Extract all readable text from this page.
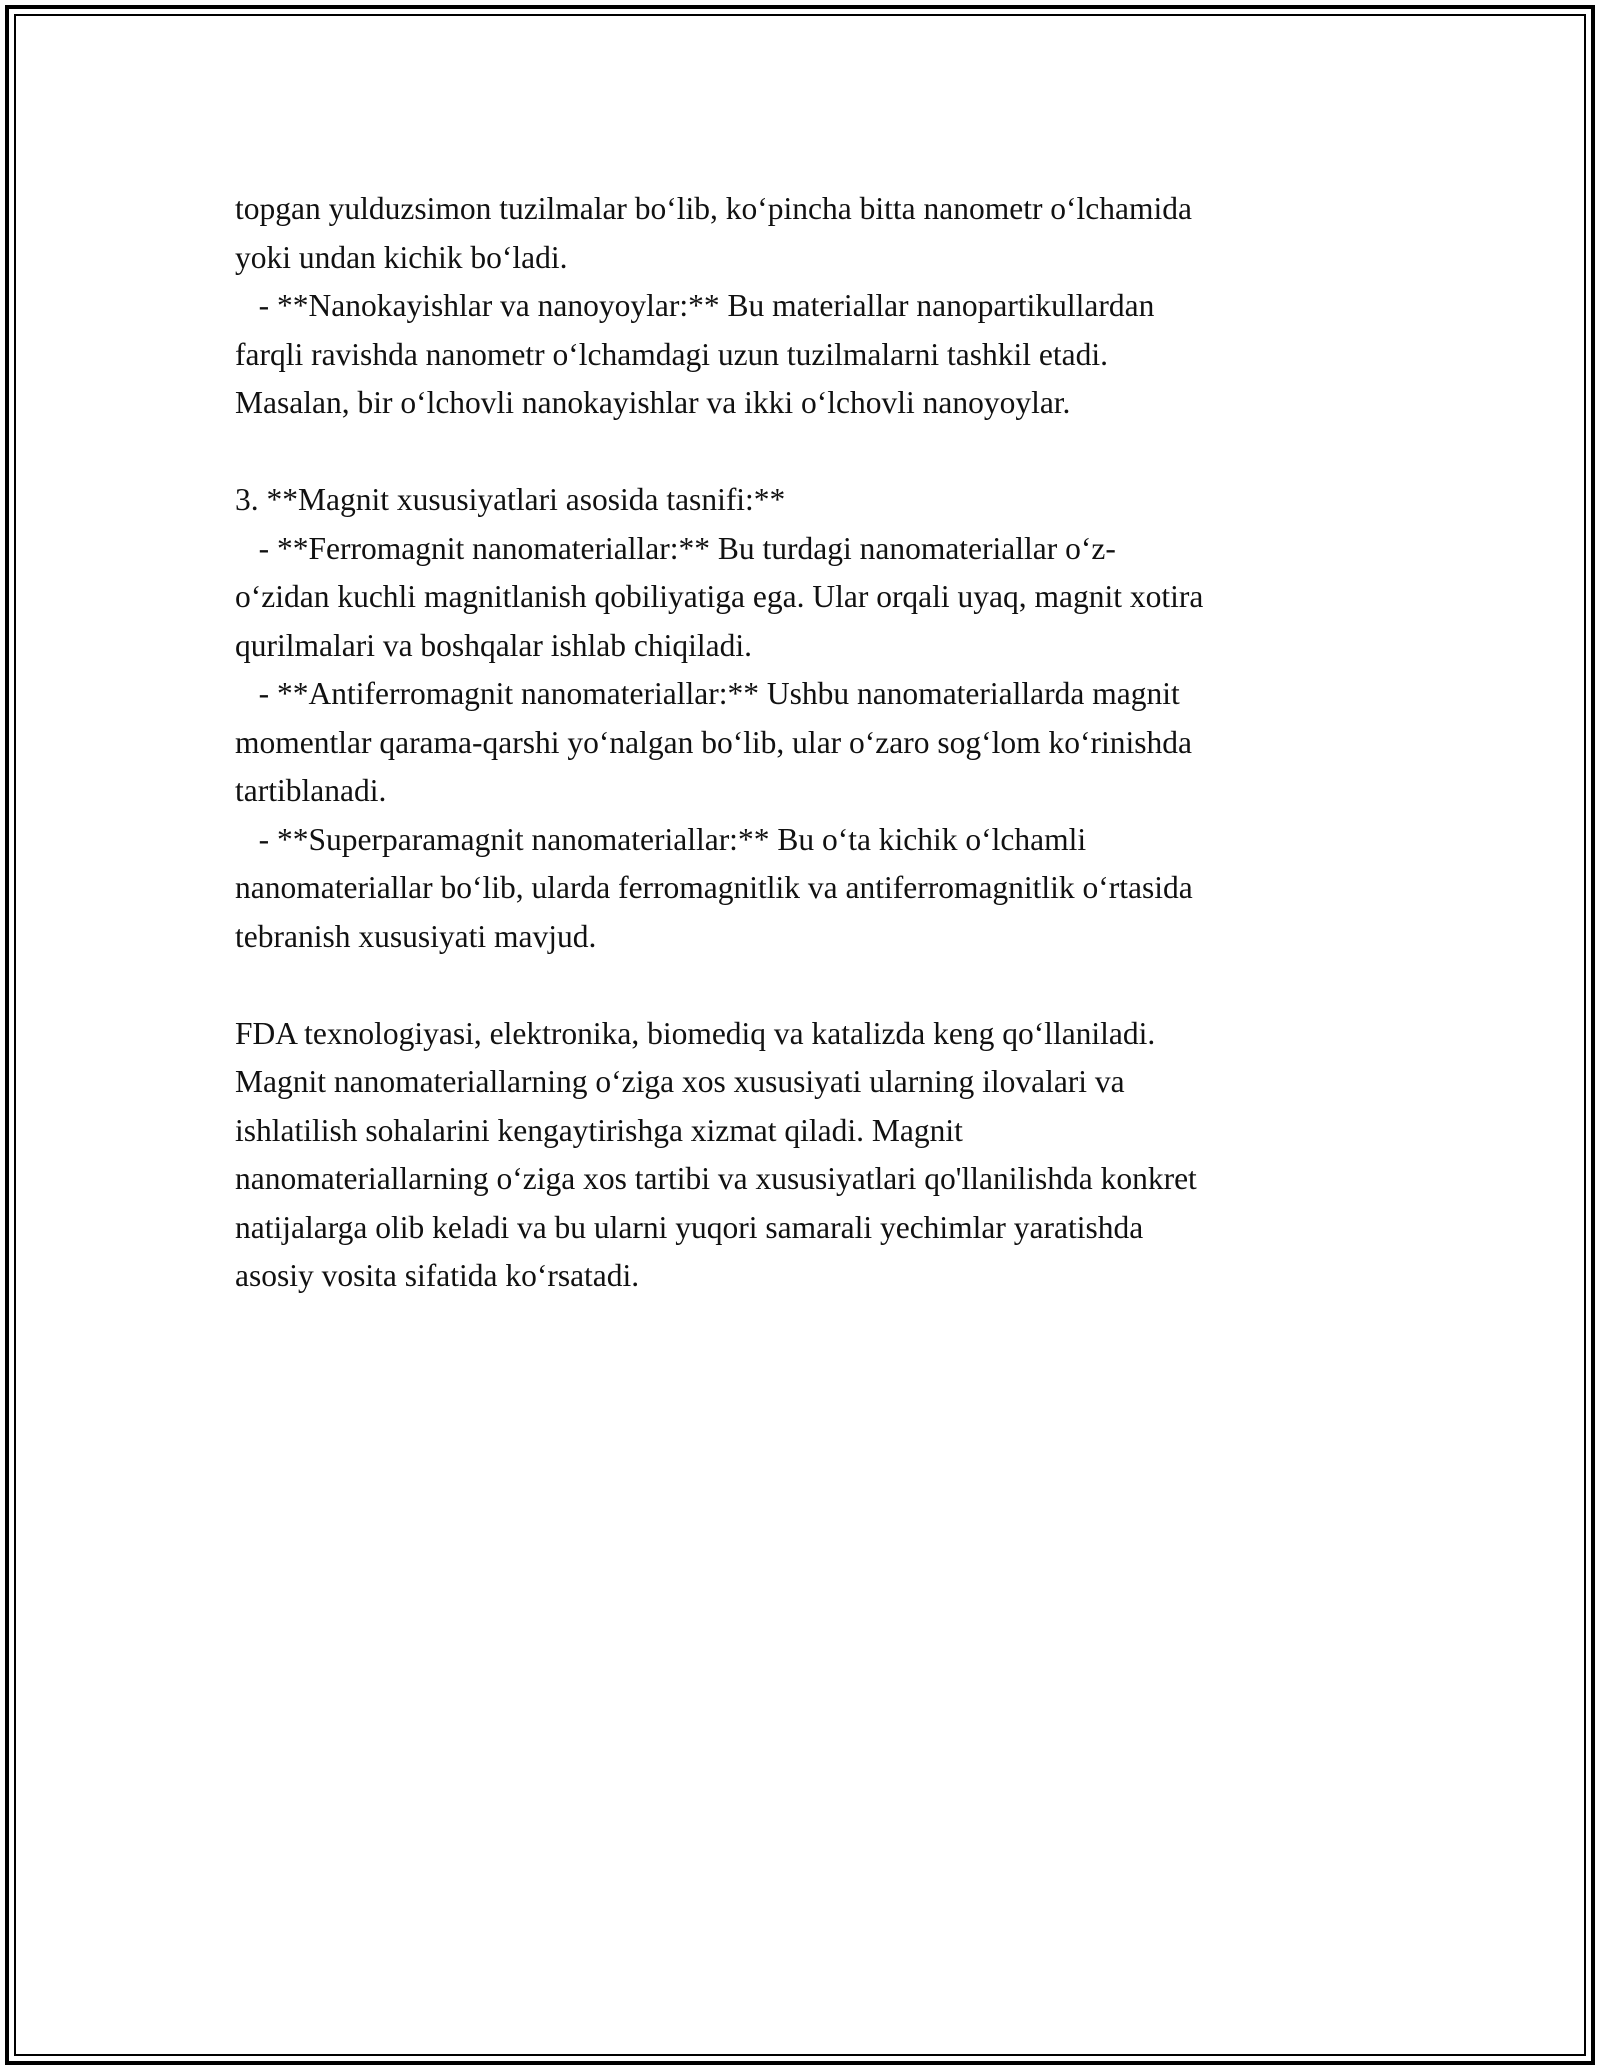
topgan yulduzsimon tuzilmalar bo‘lib, ko‘pincha bitta nanometr o‘lchamida
yoki undan kichik bo‘ladi.
- **Nanokayishlar va nanoyoylar:** Bu materiallar nanopartikullardan
farqli ravishda nanometr o‘lchamdagi uzun tuzilmalarni tashkil etadi.
Masalan, bir o‘lchovli nanokayishlar va ikki o‘lchovli nanoyoylar.
3. **Magnit xususiyatlari asosida tasnifi:**
- **Ferromagnit nanomateriallar:** Bu turdagi nanomateriallar o‘z-
o‘zidan kuchli magnitlanish qobiliyatiga ega. Ular orqali uyaq, magnit xotira
qurilmalari va boshqalar ishlab chiqiladi.
- **Antiferromagnit nanomateriallar:** Ushbu nanomateriallarda magnit
momentlar qarama-qarshi yo‘nalgan bo‘lib, ular o‘zaro sog‘lom ko‘rinishda
tartiblanadi.
- **Superparamagnit nanomateriallar:** Bu o‘ta kichik o‘lchamli
nanomateriallar bo‘lib, ularda ferromagnitlik va antiferromagnitlik o‘rtasida
tebranish xususiyati mavjud.
FDA texnologiyasi, elektronika, biomediq va katalizda keng qo‘llaniladi.
Magnit nanomateriallarning o‘ziga xos xususiyati ularning ilovalari va
ishlatilish sohalarini kengaytirishga xizmat qiladi. Magnit
nanomateriallarning o‘ziga xos tartibi va xususiyatlari qo'llanilishda konkret
natijalarga olib keladi va bu ularni yuqori samarali yechimlar yaratishda
asosiy vosita sifatida ko‘rsatadi.
